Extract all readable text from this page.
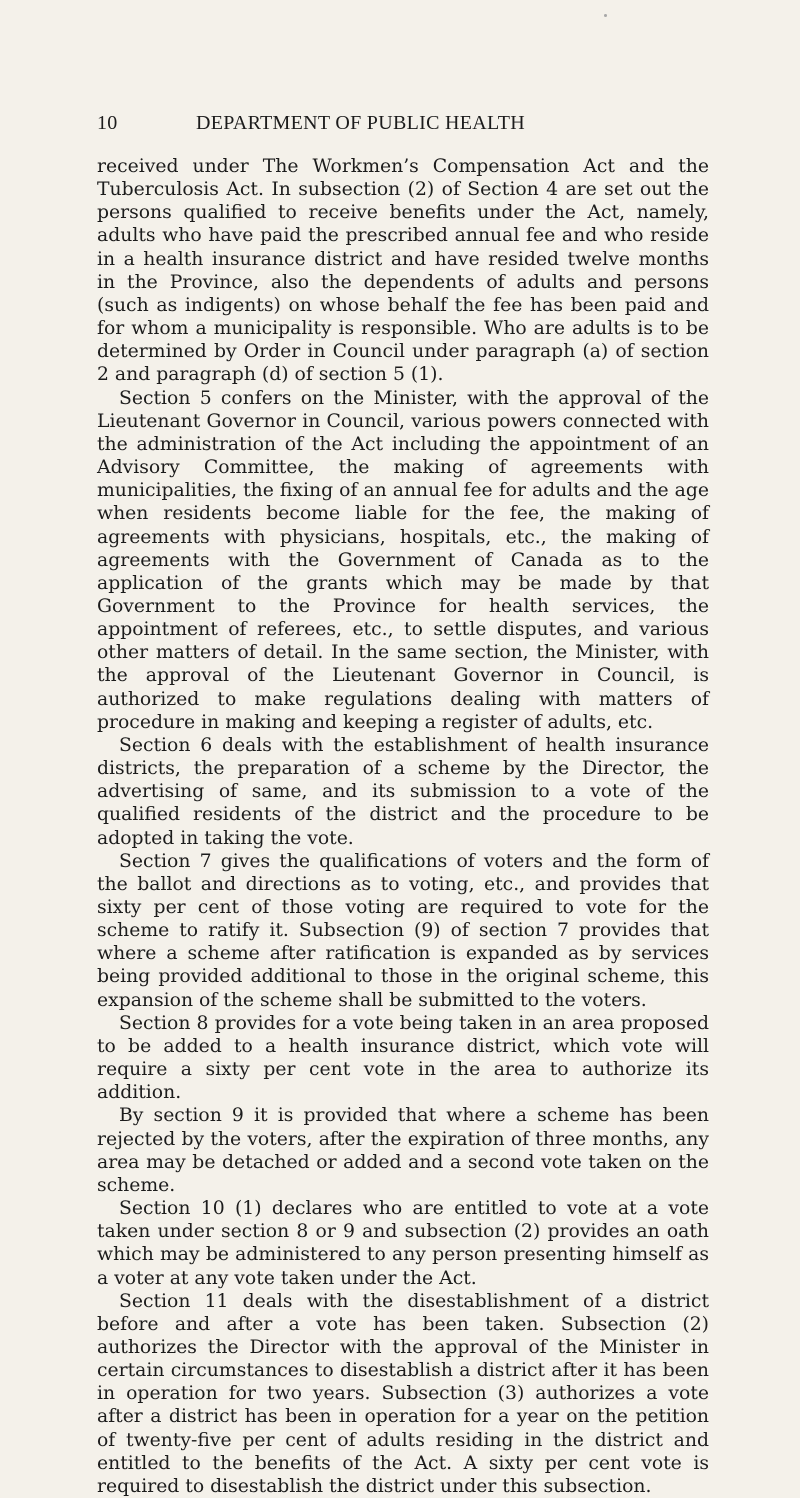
10	DEPARTMENT OF PUBLIC HEALTH

received under The Workmen’s Compensation Act and the Tuberculosis Act. In subsection (2) of Section 4 are set out the persons qualified to receive benefits under the Act, namely, adults who have paid the prescribed annual fee and who reside in a health insurance district and have resided twelve months in the Province, also the dependents of adults and persons (such as indigents) on whose behalf the fee has been paid and for whom a municipality is responsible. Who are adults is to be determined by Order in Council under paragraph (a) of section 2 and paragraph (d) of section 5 (1).

Section 5 confers on the Minister, with the approval of the Lieutenant Governor in Council, various powers connected with the administration of the Act including the appointment of an Advisory Committee, the making of agreements with municipalities, the fixing of an annual fee for adults and the age when residents become liable for the fee, the making of agreements with physicians, hospitals, etc., the making of agreements with the Government of Canada as to the application of the grants which may be made by that Government to the Province for health services, the appointment of referees, etc., to settle disputes, and various other matters of detail. In the same section, the Minister, with the approval of the Lieutenant Governor in Council, is authorized to make regulations dealing with matters of procedure in making and keeping a register of adults, etc.

Section 6 deals with the establishment of health insurance districts, the preparation of a scheme by the Director, the advertising of same, and its submission to a vote of the qualified residents of the district and the procedure to be adopted in taking the vote.

Section 7 gives the qualifications of voters and the form of the ballot and directions as to voting, etc., and provides that sixty per cent of those voting are required to vote for the scheme to ratify it. Subsection (9) of section 7 provides that where a scheme after ratification is expanded as by services being provided additional to those in the original scheme, this expansion of the scheme shall be submitted to the voters.

Section 8 provides for a vote being taken in an area proposed to be added to a health insurance district, which vote will require a sixty per cent vote in the area to authorize its addition.

By section 9 it is provided that where a scheme has been rejected by the voters, after the expiration of three months, any area may be detached or added and a second vote taken on the scheme.

Section 10 (1) declares who are entitled to vote at a vote taken under section 8 or 9 and subsection (2) provides an oath which may be administered to any person presenting himself as a voter at any vote taken under the Act.

Section 11 deals with the disestablishment of a district before and after a vote has been taken. Subsection (2) authorizes the Director with the approval of the Minister in certain circumstances to disestablish a district after it has been in operation for two years. Subsection (3) authorizes a vote after a district has been in operation for a year on the petition of twenty-five per cent of adults residing in the district and entitled to the benefits of the Act. A sixty per cent vote is required to disestablish the district under this subsection.
